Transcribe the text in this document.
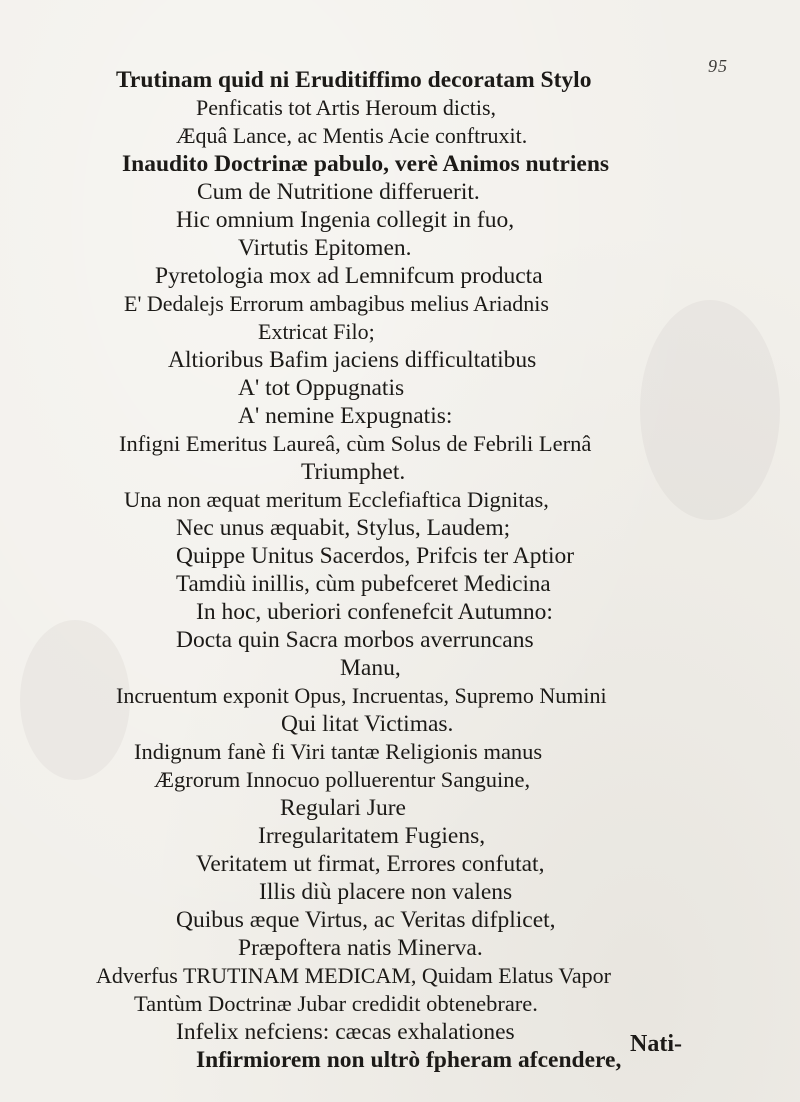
95
Trutinam quid ni Eruditiffimo decoratam Stylo
Penficatis tot Artis Heroum dictis,
Æquâ Lance, ac Mentis Acie conftruxit.
Inaudito Doctrinæ pabulo, verè Animos nutriens
Cum de Nutritione differuerit.
Hic omnium Ingenia collegit in fuo,
Virtutis Epitomen.
Pyretologia mox ad Lemnifcum producta
E' Dedalejs Errorum ambagibus melius Ariadnis
Extricat Filo;
Altioribus Bafim jaciens difficultatibus
A' tot Oppugnatis
A' nemine Expugnatis:
Infigni Emeritus Laureâ, cùm Solus de Febrili Lernâ
Triumphet.
Una non æquat meritum Ecclefiaftica Dignitas,
Nec unus æquabit, Stylus, Laudem;
Quippe Unitus Sacerdos, Prifcis ter Aptior
Tamdiù inillis, cùm pubefceret Medicina
In hoc, uberiori confenefcit Autumno:
Docta quin Sacra morbos averruncans
Manu,
Incruentum exponit Opus, Incruentas, Supremo Numini
Qui litat Victimas.
Indignum fanè fi Viri tantæ Religionis manus
Ægrorum Innocuo polluerentur Sanguine,
Regulari Jure
Irregularitatem Fugiens,
Veritatem ut firmat, Errores confutat,
Illis diù placere non valens
Quibus æque Virtus, ac Veritas difplicet,
Præpoftera natis Minerva.
Adverfus TRUTINAM MEDICAM, Quidam Elatus Vapor
Tantùm Doctrinæ Jubar credidit obtenebrare.
Infelix nefciens: cæcas exhalationes
Infirmiorem non ultrò fpheram afcendere,
Nati-
